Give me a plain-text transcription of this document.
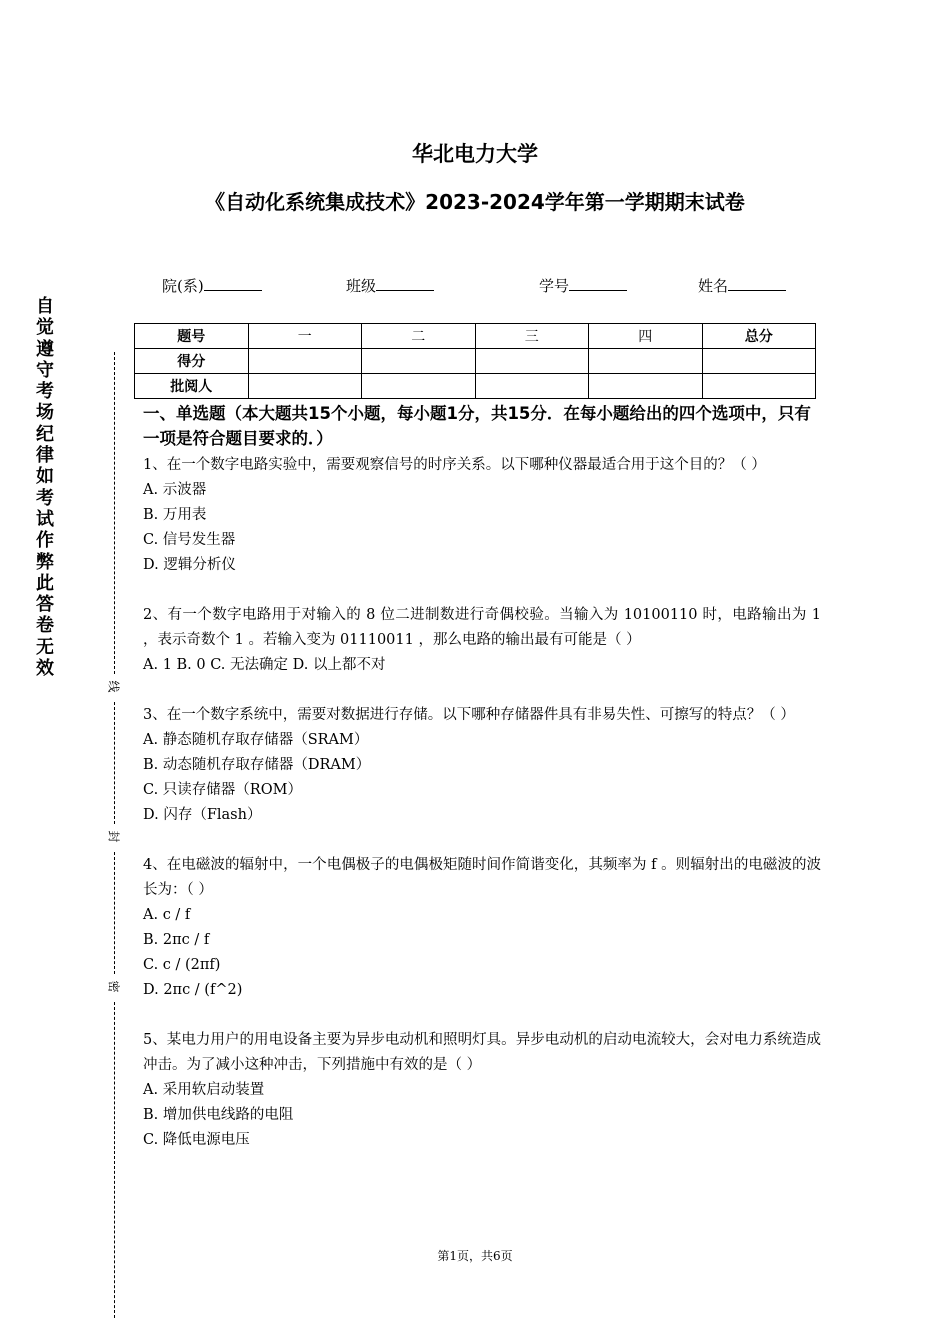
华北电力大学
《自动化系统集成技术》2023-2024学年第一学期期末试卷
院(系)	班级	学号	姓名
题号	一	二	三	四	总分
得分					
批阅人					
自觉遵守考场纪律如考试作弊此答卷无效
线
封
密

一、单选题（本大题共15个小题，每小题1分，共15分．在每小题给出的四个选项中，只有一项是符合题目要求的．）

1、在一个数字电路实验中，需要观察信号的时序关系。以下哪种仪器最适合用于这个目的？（ ）

A. 示波器

B. 万用表

C. 信号发生器

D. 逻辑分析仪

2、有一个数字电路用于对输入的 8 位二进制数进行奇偶校验。当输入为 10100110 时，电路输出为 1 ，表示奇数个 1 。若输入变为 01110011 ，那么电路的输出最有可能是（ ）

A. 1 B. 0 C. 无法确定 D. 以上都不对

3、在一个数字系统中，需要对数据进行存储。以下哪种存储器件具有非易失性、可擦写的特点？（ ）

A. 静态随机存取存储器（SRAM）

B. 动态随机存取存储器（DRAM）

C. 只读存储器（ROM）

D. 闪存（Flash）

4、在电磁波的辐射中，一个电偶极子的电偶极矩随时间作简谐变化，其频率为 f 。则辐射出的电磁波的波长为：（ ）

A. c / f

B. 2πc / f

C. c / (2πf)

D. 2πc / (f^2)

5、某电力用户的用电设备主要为异步电动机和照明灯具。异步电动机的启动电流较大，会对电力系统造成冲击。为了减小这种冲击，下列措施中有效的是（ ）

A. 采用软启动装置

B. 增加供电线路的电阻

C. 降低电源电压

第1页，共6页
